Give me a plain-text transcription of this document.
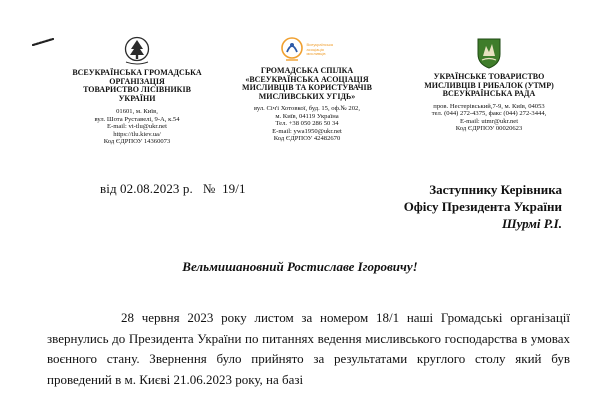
ВСЕУКРАЇНСЬКА ГРОМАДСЬКА
ОРГАНІЗАЦІЯ
ТОВАРИСТВО ЛІСІВНИКІВ
УКРАЇНИ
01601, м. Київ,
вул. Шота Руставелі, 9-А, к.54
E-mail: vt-tlu@ukr.net
https://tlu.kiev.ua/
Код ЄДРПОУ 14360073
Всеукраїнська асоціація мисливців
ГРОМАДСЬКА СПІЛКА
«ВСЕУКРАЇНСЬКА АСОЦІАЦІЯ
МИСЛИВЦІВ ТА КОРИСТУВАЧІВ
МИСЛИВСЬКИХ УГІДЬ»
вул. Січ'і Хотовкої, буд. 15, оф.№ 202,
м. Київ, 04119 Україна
Тел. +38 050 286 50 34
E-mail: ywa1950@ukr.net
Код ЄДРПОУ 42482670
УКРАЇНСЬКЕ ТОВАРИСТВО
МИСЛИВЦІВ І РИБАЛОК (УТМР)
ВСЕУКРАЇНСЬКА РАДА
пров. Нестерівський,7-9, м. Київ, 04053
тел. (044) 272-4375, факс (044) 272-3444,
E-mail: utmr@ukr.net
Код ЄДРПОУ 00020623
від 02.08.2023 р.   №  19/1	Заступнику Керівника
Офісу Президента України
Шурмі Р.І.
Вельмишановний Ростиславе Ігоровичу!

28 червня 2023 року листом за номером 18/1 наші Громадські організації звернулись до Президента України по питаннях ведення мисливського господарства в умовах воєнного стану. Звернення було прийнято за результатами круглого столу який був проведений в м. Києві 21.06.2023 року, на базі
